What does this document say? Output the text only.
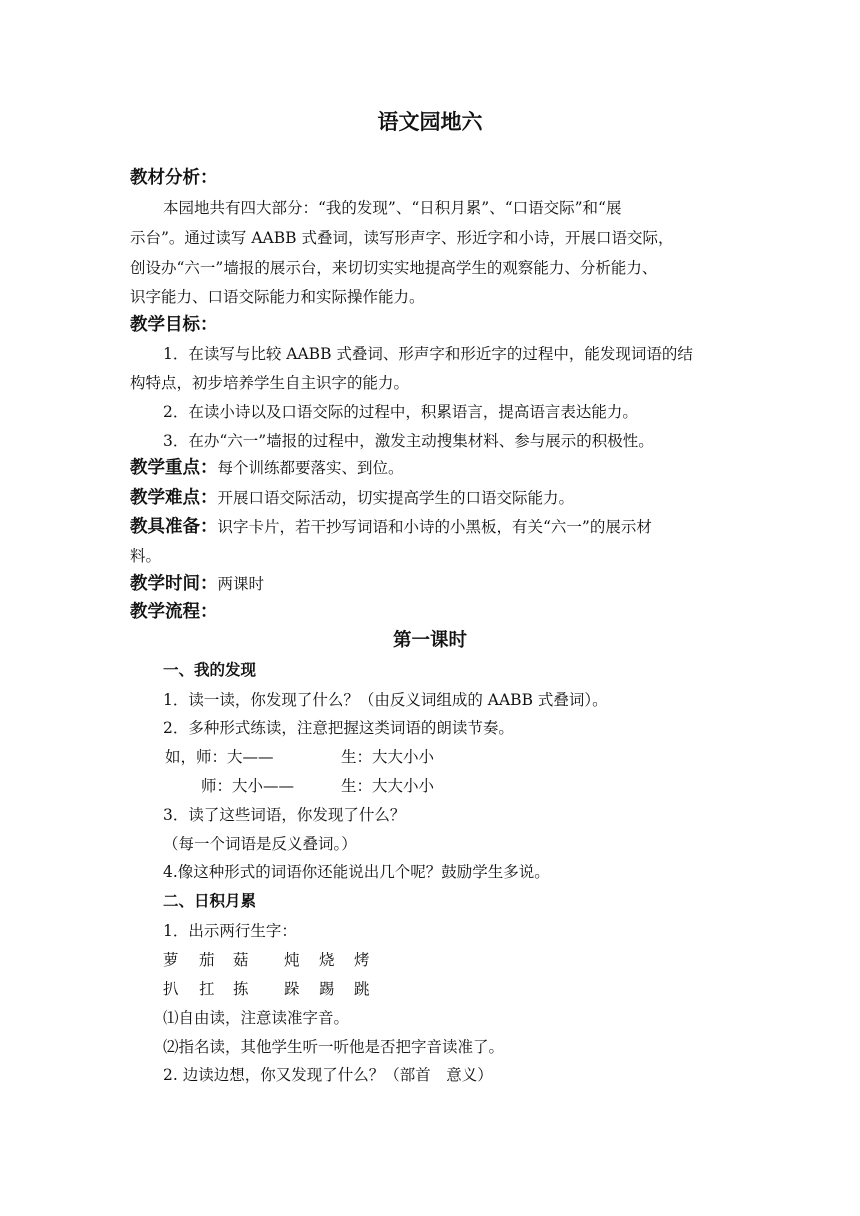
语文园地六
教材分析：
本园地共有四大部分：“我的发现”、“日积月累”、“口语交际”和“展
示台”。通过读写 AABB 式叠词，读写形声字、形近字和小诗，开展口语交际，
创设办“六一”墙报的展示台，来切切实实地提高学生的观察能力、分析能力、
识字能力、口语交际能力和实际操作能力。
教学目标：
1．在读写与比较 AABB 式叠词、形声字和形近字的过程中，能发现词语的结
构特点，初步培养学生自主识字的能力。
2．在读小诗以及口语交际的过程中，积累语言，提高语言表达能力。
3．在办“六一”墙报的过程中，激发主动搜集材料、参与展示的积极性。
教学重点：每个训练都要落实、到位。
教学难点：开展口语交际活动，切实提高学生的口语交际能力。
教具准备：识字卡片，若干抄写词语和小诗的小黑板，有关“六一”的展示材
料。
教学时间：两课时
教学流程：
第一课时
一、我的发现
1．读一读，你发现了什么？（由反义词组成的 AABB 式叠词）。
2．多种形式练读，注意把握这类词语的朗读节奏。
如，师：大——	生：大大小小
师：大小——	生：大大小小
3．读了这些词语，你发现了什么？
（每一个词语是反义叠词。）
4.像这种形式的词语你还能说出几个呢？鼓励学生多说。
二、日积月累
1．出示两行生字：
萝 茄 菇 炖 烧 烤
扒 扛 拣 跺 踢 跳
⑴自由读，注意读准字音。
⑵指名读，其他学生听一听他是否把字音读准了。
2. 边读边想，你又发现了什么？（部首　意义）
